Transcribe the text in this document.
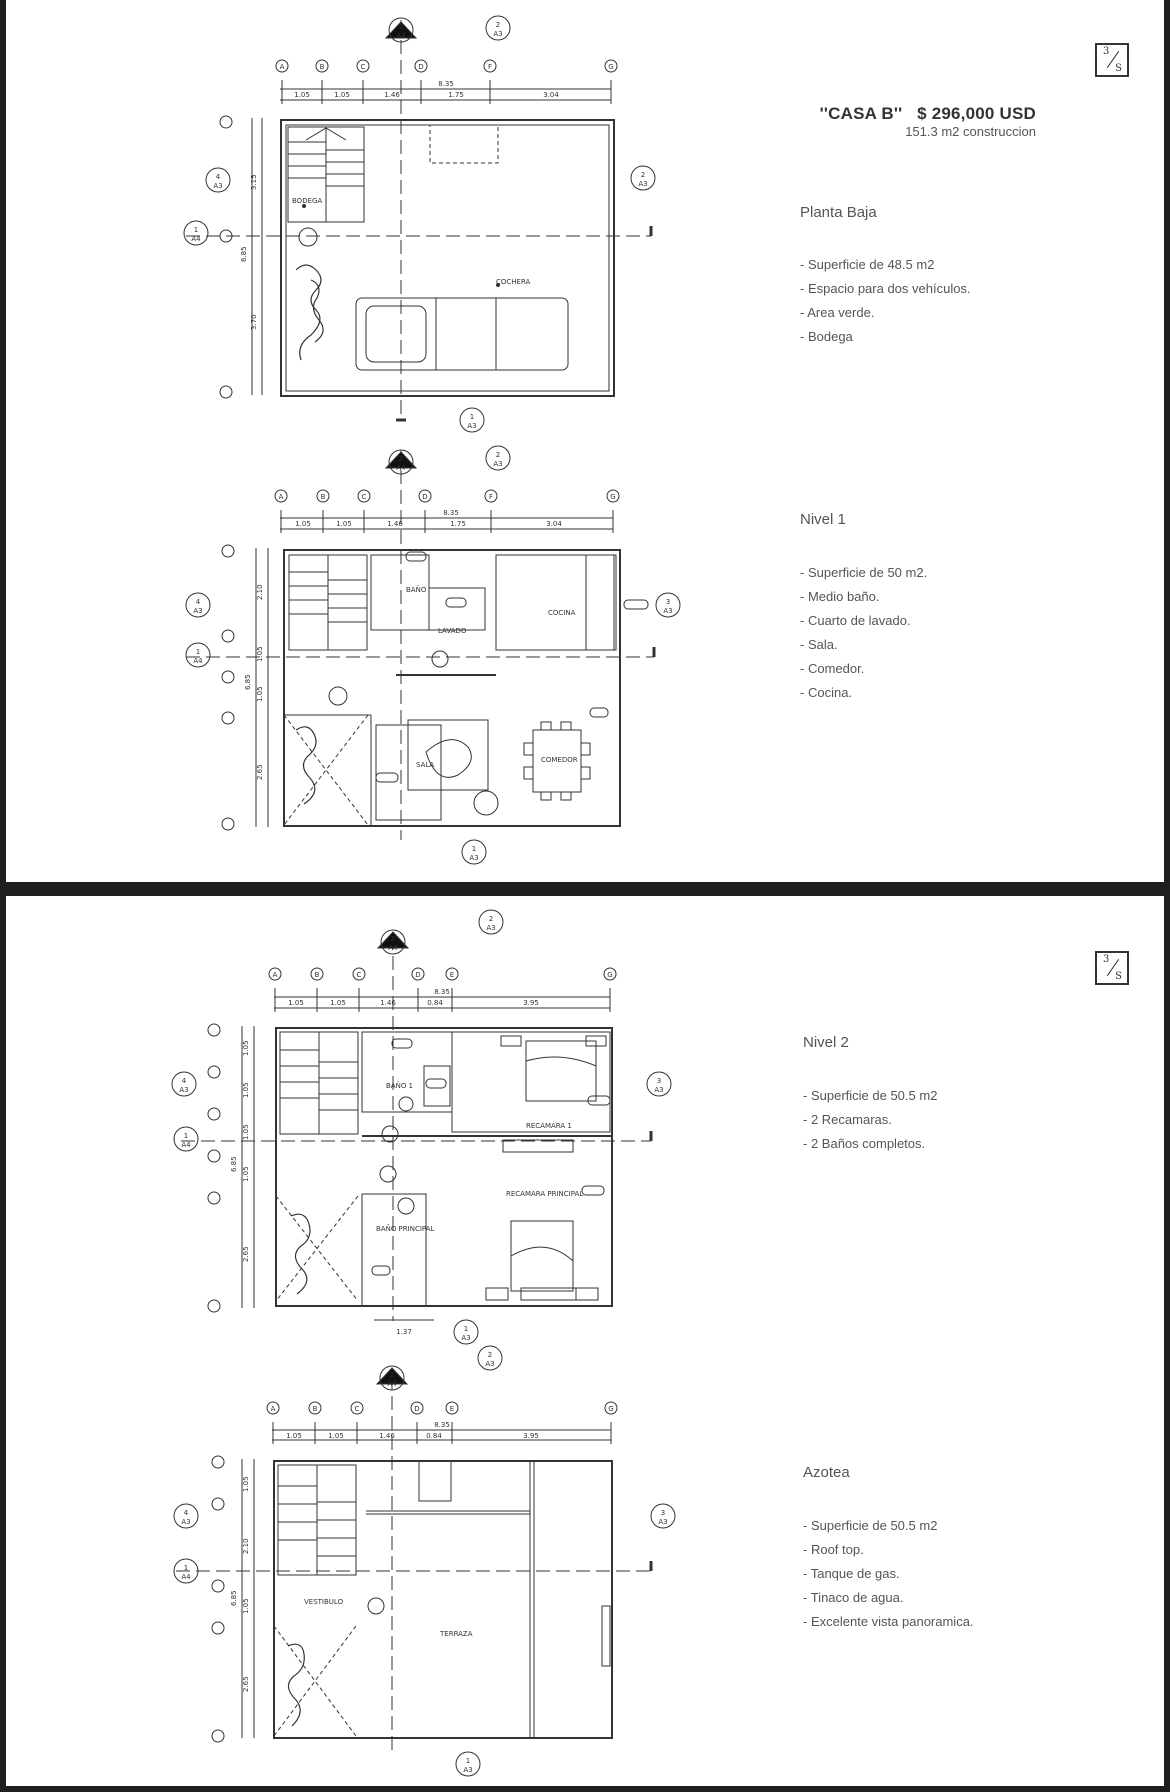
A	B	C	D	F	G
8.35
1.05	1.05	1.46	1.75	3.04
3.15
6.85
3.70
BODEGA
COCHERA
2
A4
2
A3
4
A3
2
A3
1
A3
1
A4
A	B	C	D	F	G
8.35
1.05	1.05	1.46	1.75	3.04
2.10
1.05
6.85
1.05
2.65
BAÑO
LAVADO
COCINA
SALA
COMEDOR
2
A4
2
A3
4
A3
3
A3
1
A3
1
A4
3
S
''CASA B'' $ 296,000 USD
151.3 m2 construccion
Planta Baja
- Superficie de 48.5 m2
- Espacio para dos vehículos.
- Area verde.
- Bodega
Nivel 1
- Superficie de 50 m2.
- Medio baño.
- Cuarto de lavado.
- Sala.
- Comedor.
- Cocina.
A	B	C	D	E	G
8.35
1.05	1.05	1.46	0.84	3.95
1.05
1.05
1.05
6.85
1.05
2.65
1.37
BAÑO 1
RECAMARA 1
RECAMARA PRINCIPAL
BAÑO PRINCIPAL
2
A4
2
A3
4
A3
3
A3
1
A3
1
A4
A	B	C	D	E	G
8.35
1.05	1.05	1.46	0.84	3.95
1.05
2.10
6.85
1.05
2.65
VESTIBULO
TERRAZA
2
A4
2
A3
4
A3
3
A3
1
A3
1
A4
3
S
Nivel 2
- Superficie de 50.5 m2
- 2 Recamaras.
- 2 Baños completos.
Azotea
- Superficie de 50.5 m2
- Roof top.
- Tanque de gas.
- Tinaco de agua.
- Excelente vista panoramica.
